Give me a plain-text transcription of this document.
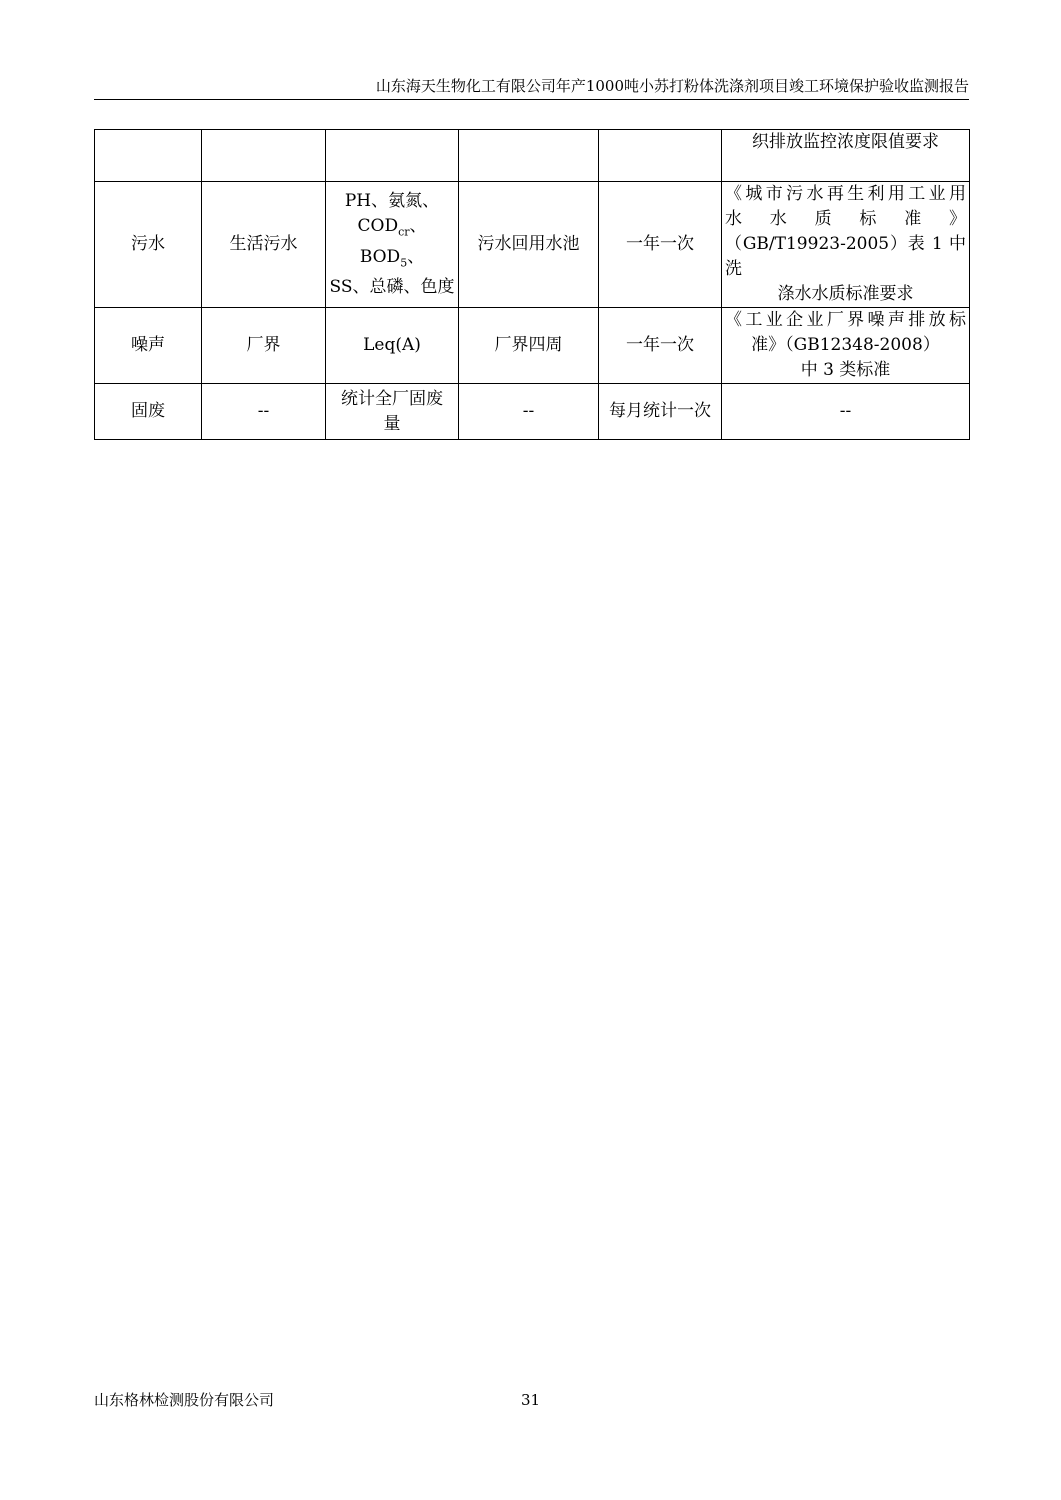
山东海天生物化工有限公司年产1000吨小苏打粉体洗涤剂项目竣工环境保护验收监测报告
					织排放监控浓度限值要求
污水	生活污水	PH、氨氮、
$COD_{cr}$、$BOD_5$、
SS、总磷、色度	污水回用水池	一年一次	《城市污水再生利用工业用
水 水 质 标 准 》
（GB/T19923-2005）表 1 中洗
涤水水质标准要求

噪声	厂界	Leq(A)	厂界四周	一年一次	《工业企业厂界噪声排放标
准》（GB12348-2008）
中 3 类标准

固废	--	统计全厂固废
量	--	每月统计一次	--
山东格林检测股份有限公司	31
